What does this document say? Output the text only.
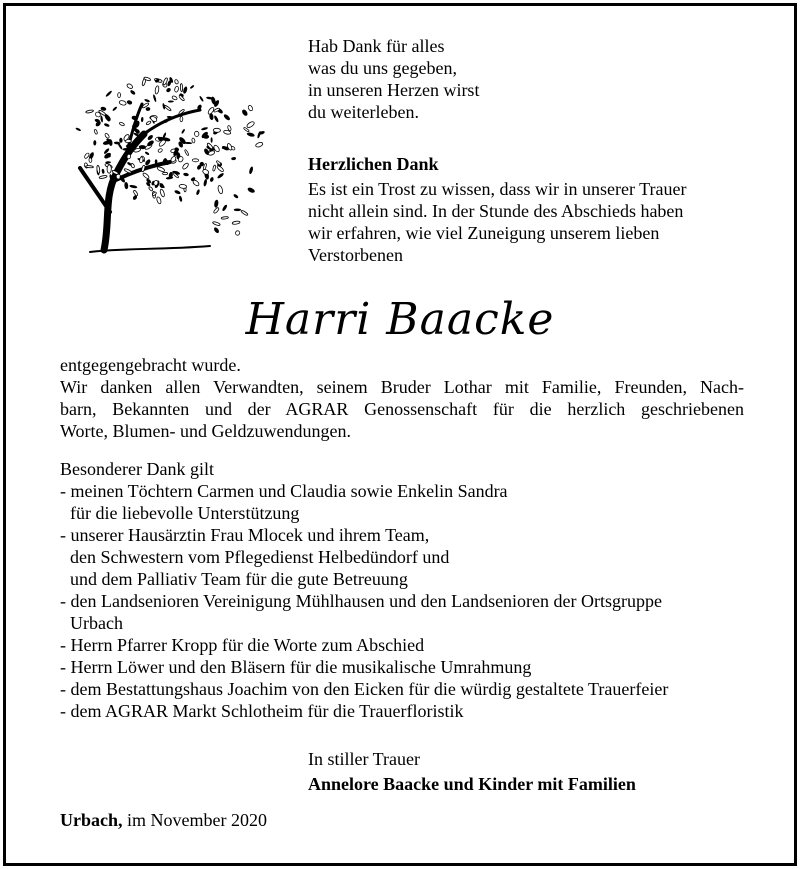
Hab Dank für alles
was du uns gegeben,
in unseren Herzen wirst
du weiterleben.
Herzlichen Dank
Es ist ein Trost zu wissen, dass wir in unserer Trauer
nicht allein sind. In der Stunde des Abschieds haben
wir erfahren, wie viel Zuneigung unserem lieben
Verstorbenen
Harri Baacke
entgegengebracht wurde.
Wir danken allen Verwandten, seinem Bruder Lothar mit Familie, Freunden, Nach-
barn, Bekannten und der AGRAR Genossenschaft für die herzlich geschriebenen
Worte, Blumen- und Geldzuwendungen.
Besonderer Dank gilt
- meinen Töchtern Carmen und Claudia sowie Enkelin Sandra
für die liebevolle Unterstützung
- unserer Hausärztin Frau Mlocek und ihrem Team,
den Schwestern vom Pflegedienst Helbedündorf und
und dem Palliativ Team für die gute Betreuung
- den Landsenioren Vereinigung Mühlhausen und den Landsenioren der Ortsgruppe
Urbach
- Herrn Pfarrer Kropp für die Worte zum Abschied
- Herrn Löwer und den Bläsern für die musikalische Umrahmung
- dem Bestattungshaus Joachim von den Eicken für die würdig gestaltete Trauerfeier
- dem AGRAR Markt Schlotheim für die Trauerfloristik
In stiller Trauer
Annelore Baacke und Kinder mit Familien
Urbach, im November 2020
